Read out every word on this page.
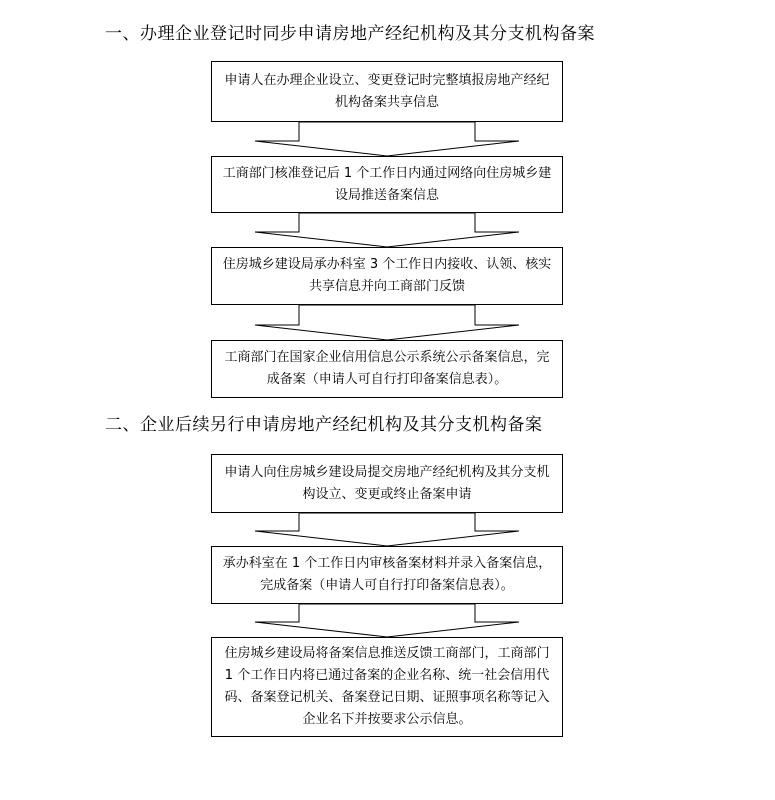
一、办理企业登记时同步申请房地产经纪机构及其分支机构备案
申请人在办理企业设立、变更登记时完整填报房地产经纪机构备案共享信息
工商部门核准登记后 1 个工作日内通过网络向住房城乡建设局推送备案信息
住房城乡建设局承办科室 3 个工作日内接收、认领、核实共享信息并向工商部门反馈
工商部门在国家企业信用信息公示系统公示备案信息，完成备案（申请人可自行打印备案信息表）。
二、企业后续另行申请房地产经纪机构及其分支机构备案
申请人向住房城乡建设局提交房地产经纪机构及其分支机构设立、变更或终止备案申请
承办科室在 1 个工作日内审核备案材料并录入备案信息，完成备案（申请人可自行打印备案信息表）。
住房城乡建设局将备案信息推送反馈工商部门，工商部门 1 个工作日内将已通过备案的企业名称、统一社会信用代码、备案登记机关、备案登记日期、证照事项名称等记入企业名下并按要求公示信息。
